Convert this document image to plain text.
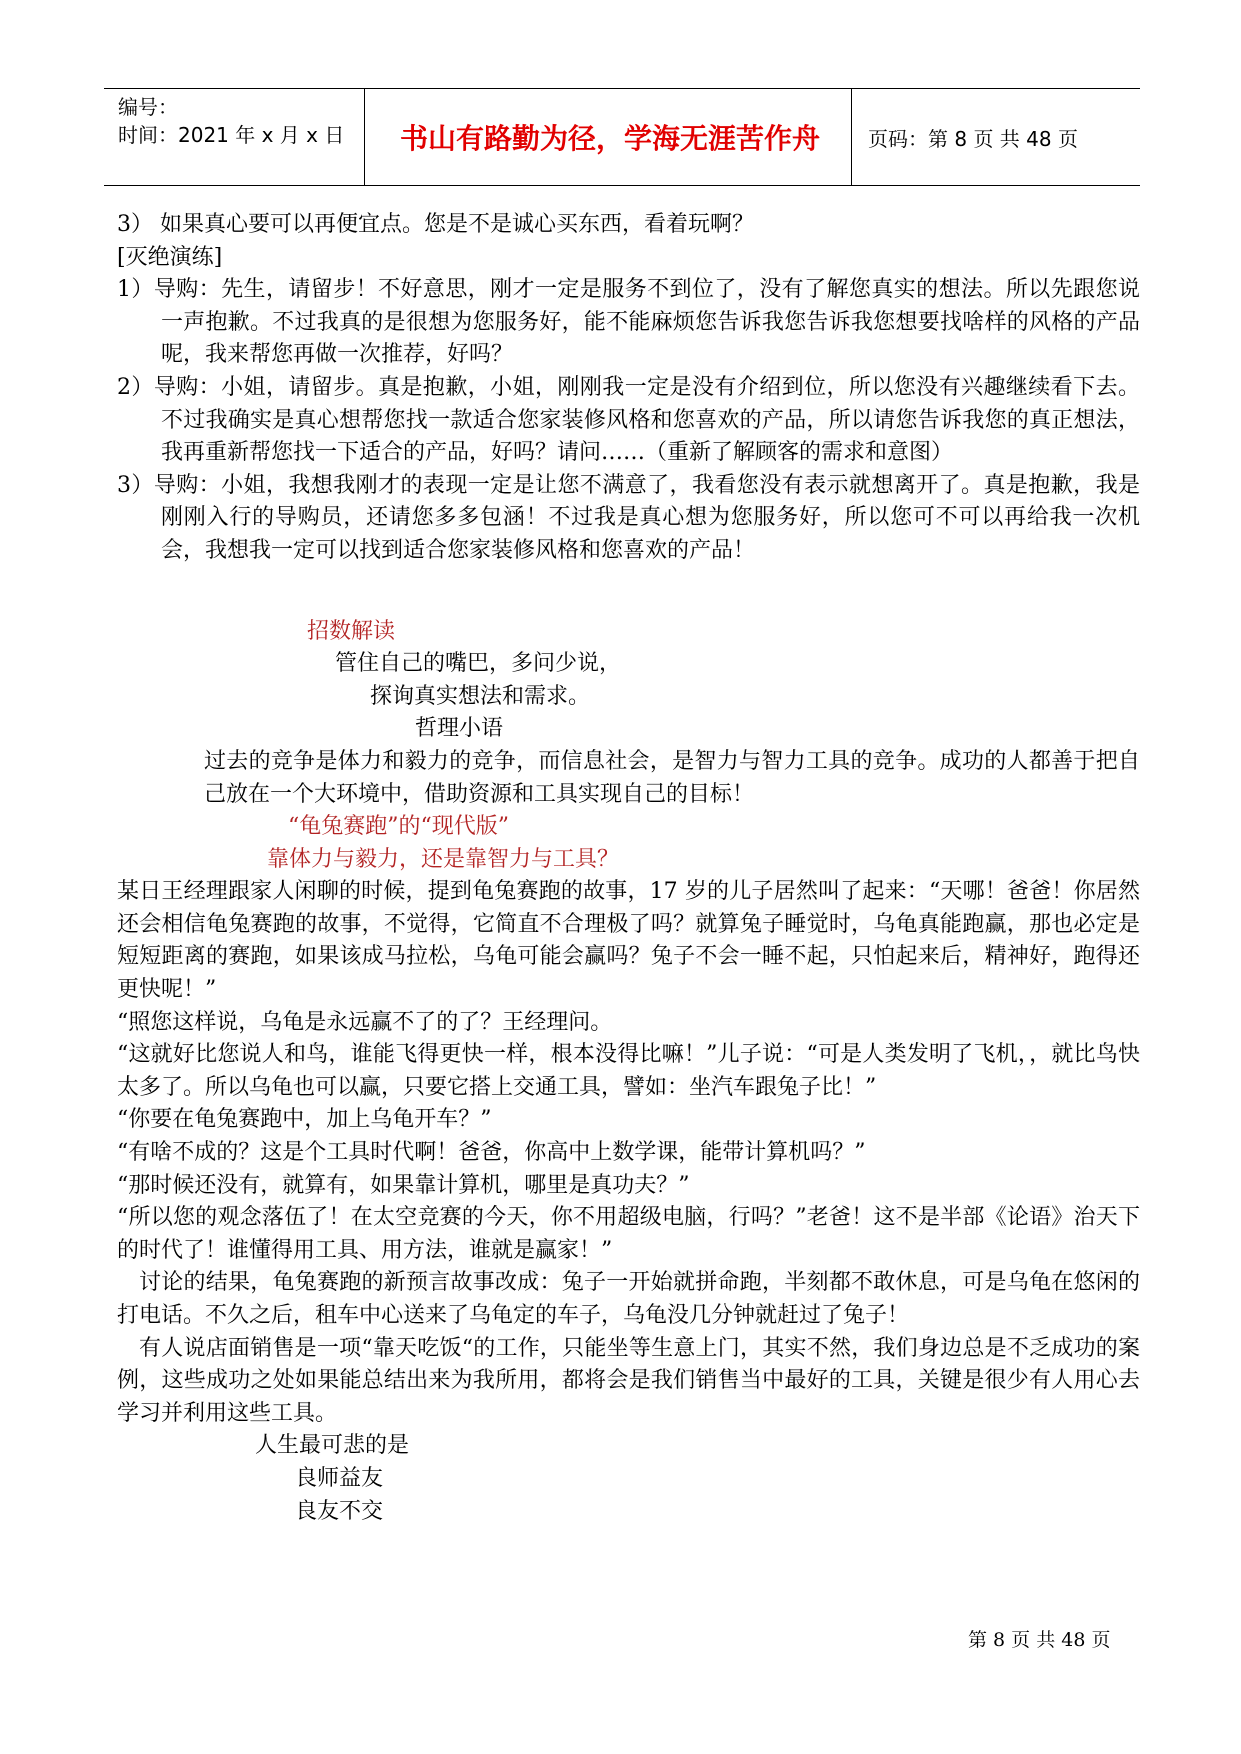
编号：
时间：2021 年 x 月 x 日	书山有路勤为径，学海无涯苦作舟	页码：第 8 页 共 48 页

3） 如果真心要可以再便宜点。您是不是诚心买东西，看着玩啊？

[灭绝演练]

1）导购：先生，请留步！不好意思，刚才一定是服务不到位了，没有了解您真实的想法。所以先跟您说一声抱歉。不过我真的是很想为您服务好，能不能麻烦您告诉我您告诉我您想要找啥样的风格的产品呢，我来帮您再做一次推荐，好吗？

2）导购：小姐，请留步。真是抱歉，小姐，刚刚我一定是没有介绍到位，所以您没有兴趣继续看下去。不过我确实是真心想帮您找一款适合您家装修风格和您喜欢的产品，所以请您告诉我您的真正想法，我再重新帮您找一下适合的产品，好吗？请问……（重新了解顾客的需求和意图）

3）导购：小姐，我想我刚才的表现一定是让您不满意了，我看您没有表示就想离开了。真是抱歉，我是刚刚入行的导购员，还请您多多包涵！不过我是真心想为您服务好，所以您可不可以再给我一次机会，我想我一定可以找到适合您家装修风格和您喜欢的产品！

招数解读

管住自己的嘴巴，多问少说，

探询真实想法和需求。

哲理小语

过去的竞争是体力和毅力的竞争，而信息社会，是智力与智力工具的竞争。成功的人都善于把自己放在一个大环境中，借助资源和工具实现自己的目标！

“龟兔赛跑”的“现代版”

靠体力与毅力，还是靠智力与工具？

某日王经理跟家人闲聊的时候，提到龟兔赛跑的故事，17 岁的儿子居然叫了起来：“天哪！爸爸！你居然还会相信龟兔赛跑的故事，不觉得，它简直不合理极了吗？就算兔子睡觉时，乌龟真能跑赢，那也必定是短短距离的赛跑，如果该成马拉松，乌龟可能会赢吗？兔子不会一睡不起，只怕起来后，精神好，跑得还更快呢！”

“照您这样说，乌龟是永远赢不了的了？王经理问。

“这就好比您说人和鸟，谁能飞得更快一样，根本没得比嘛！”儿子说：“可是人类发明了飞机，，就比鸟快太多了。所以乌龟也可以赢，只要它搭上交通工具，譬如：坐汽车跟兔子比！”

“你要在龟兔赛跑中，加上乌龟开车？”

“有啥不成的？这是个工具时代啊！爸爸，你高中上数学课，能带计算机吗？”

“那时候还没有，就算有，如果靠计算机，哪里是真功夫？”

“所以您的观念落伍了！在太空竞赛的今天，你不用超级电脑，行吗？”老爸！这不是半部《论语》治天下的时代了！谁懂得用工具、用方法，谁就是赢家！”

讨论的结果，龟兔赛跑的新预言故事改成：兔子一开始就拼命跑，半刻都不敢休息，可是乌龟在悠闲的打电话。不久之后，租车中心送来了乌龟定的车子，乌龟没几分钟就赶过了兔子！

有人说店面销售是一项“靠天吃饭“的工作，只能坐等生意上门，其实不然，我们身边总是不乏成功的案例，这些成功之处如果能总结出来为我所用，都将会是我们销售当中最好的工具，关键是很少有人用心去学习并利用这些工具。

人生最可悲的是

良师益友

良友不交

第 8 页 共 48 页
